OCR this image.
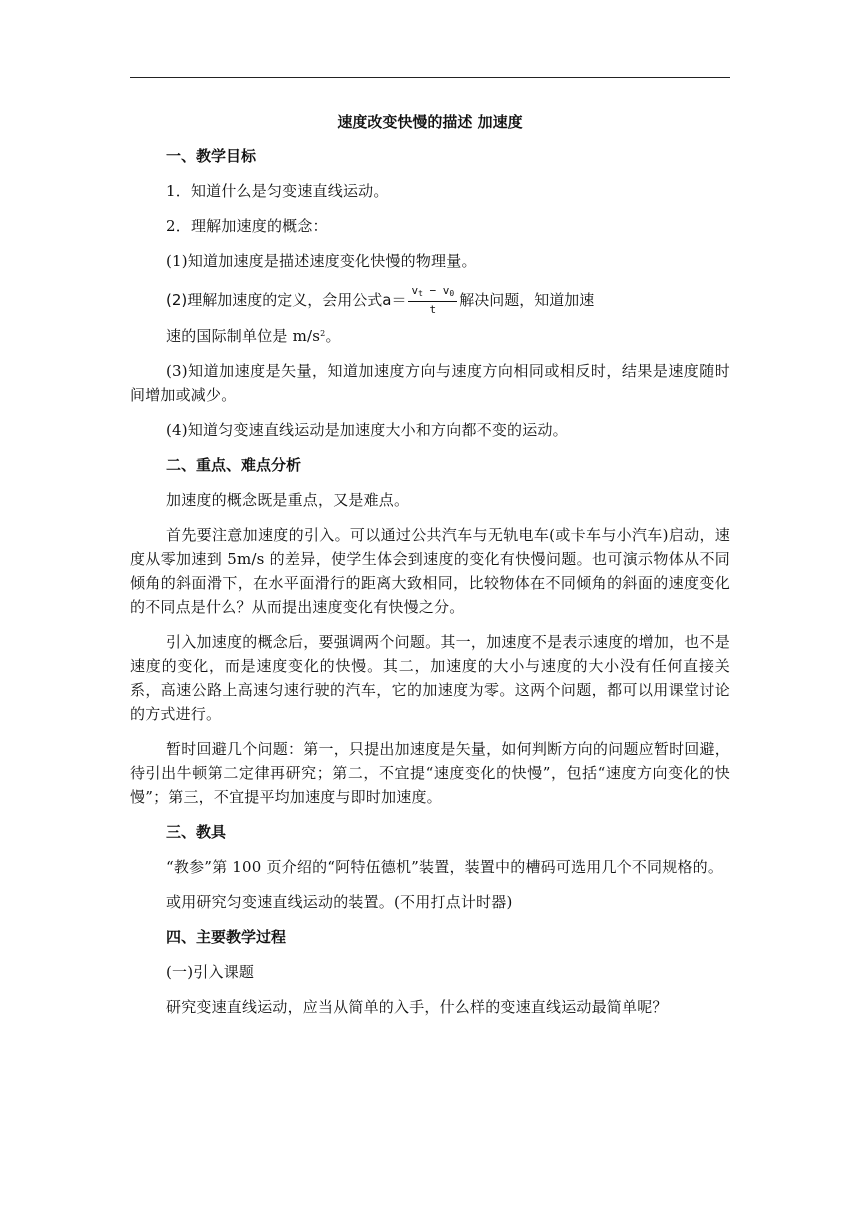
速度改变快慢的描述 加速度
一、教学目标

1．知道什么是匀变速直线运动。

2．理解加速度的概念：

(1)知道加速度是描述速度变化快慢的物理量。

(2)理解加速度的定义，会用公式 $a= \frac{v_t - v_0}{t}$ 解决问题，知道加速

速的国际制单位是 $m/s^2$。

(3)知道加速度是矢量，知道加速度方向与速度方向相同或相反时，结果是速度随时间增加或减少。

(4)知道匀变速直线运动是加速度大小和方向都不变的运动。

二、重点、难点分析

加速度的概念既是重点，又是难点。

首先要注意加速度的引入。可以通过公共汽车与无轨电车(或卡车与小汽车)启动，速度从零加速到 5m/s 的差异，使学生体会到速度的变化有快慢问题。也可演示物体从不同倾角的斜面滑下，在水平面滑行的距离大致相同，比较物体在不同倾角的斜面的速度变化的不同点是什么？从而提出速度变化有快慢之分。

引入加速度的概念后，要强调两个问题。其一，加速度不是表示速度的增加，也不是速度的变化，而是速度变化的快慢。其二，加速度的大小与速度的大小没有任何直接关系，高速公路上高速匀速行驶的汽车，它的加速度为零。这两个问题，都可以用课堂讨论的方式进行。

暂时回避几个问题：第一，只提出加速度是矢量，如何判断方向的问题应暂时回避，待引出牛顿第二定律再研究；第二，不宜提“速度变化的快慢”，包括“速度方向变化的快慢”；第三，不宜提平均加速度与即时加速度。

三、教具

“教参”第 100 页介绍的“阿特伍德机”装置，装置中的槽码可选用几个不同规格的。

或用研究匀变速直线运动的装置。(不用打点计时器)

四、主要教学过程

(一)引入课题

研究变速直线运动，应当从简单的入手，什么样的变速直线运动最简单呢？
